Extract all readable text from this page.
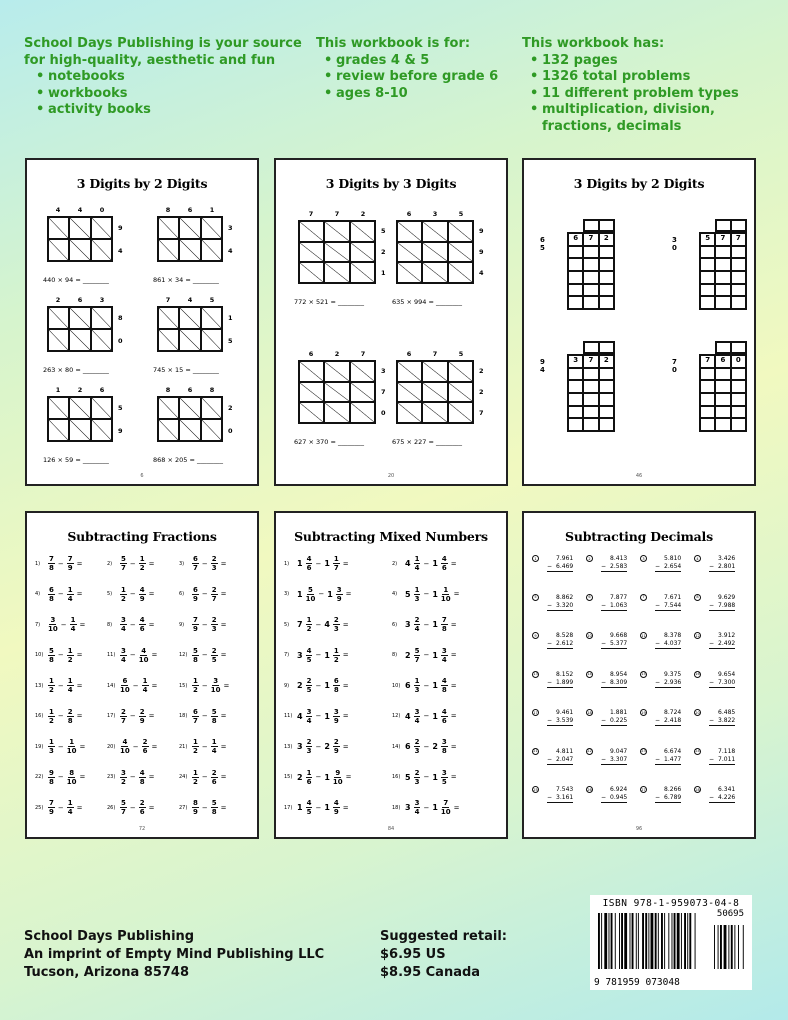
School Days Publishing is your source
for high-quality, aesthetic and fun
• notebooks
• workbooks
• activity books
This workbook is for:
• grades 4 & 5
• review before grade 6
• ages 8-10
This workbook has:
• 132 pages
• 1326 total problems
• 11 different problem types
• multiplication, division,
fractions, decimals
3 Digits by 2 Digits
4	4	0
9
4
440 × 94 = ________
8	6	1
3
4
861 × 34 = ________
2	6	3
8
0
263 × 80 = ________
7	4	5
1
5
745 × 15 = ________
1	2	6
5
9
126 × 59 = ________
8	6	8
2
0
868 × 205 = ________
6
3 Digits by 3 Digits
7	7	2
5
2
1
772 × 521 = ________
6	3	5
9
9
4
635 × 994 = ________
6	2	7
3
7
0
627 × 370 = ________
6	7	5
2
2
7
675 × 227 = ________
20
3 Digits by 2 Digits
6 5
6	7	2	3 0
5	7	7
9 4
3	7	2	7 0
7	6	0
46
Subtracting Fractions
1)	$\frac{7}{8} - \frac{7}{9}$ =	2)	$\frac{5}{7} - \frac{1}{2}$ =	3)	$\frac{6}{7} - \frac{2}{3}$ =
4)	$\frac{6}{8} - \frac{1}{4}$ =	5)	$\frac{1}{2} - \frac{4}{9}$ =	6)	$\frac{6}{9} - \frac{2}{7}$ =
7)	$\frac{3}{10} - \frac{1}{4}$ =	8)	$\frac{3}{4} - \frac{4}{6}$ =	9)	$\frac{7}{9} - \frac{2}{3}$ =
$10) \frac{5}{8} - \frac{1}{2}$ =	$11) \frac{3}{4} - \frac{4}{10}$ =	$12) \frac{5}{8} - \frac{2}{5}$ =
$13) \frac{1}{2} - \frac{1}{4}$ =	$14) \frac{6}{10} - \frac{1}{4}$ =	$15) \frac{1}{2} - \frac{3}{10}$ =
$16) \frac{1}{2} - \frac{2}{8}$ =	$17) \frac{2}{7} - \frac{2}{9}$ =	$18) \frac{6}{7} - \frac{5}{8}$ =
$19) \frac{1}{3} - \frac{1}{10}$ =	$20) \frac{4}{10} - \frac{2}{6}$ =	$21) \frac{1}{2} - \frac{1}{4}$ =
$22) \frac{9}{8} - \frac{8}{10}$ =	$23) \frac{3}{2} - \frac{4}{8}$ =	$24) \frac{1}{2} - \frac{2}{6}$ =
$25) \frac{7}{9} - \frac{1}{4}$ =	$26) \frac{5}{7} - \frac{2}{6}$ =	$27) \frac{8}{9} - \frac{5}{8}$ =
72
Subtracting Mixed Numbers
1) $1 \frac{4}{6} - 1 \frac{1}{7}$ =	2) $4 \frac{1}{4} - 1 \frac{4}{6}$ =
3) $1 \frac{5}{10} - 1 \frac{3}{9}$ =	4) $5 \frac{1}{3} - 1 \frac{1}{10}$ =
5) $7 \frac{1}{2} - 4 \frac{2}{3}$ =	6) $3 \frac{2}{4} - 1 \frac{7}{8}$ =
7) $3 \frac{4}{5} - 1 \frac{1}{2}$ =	8) $2 \frac{5}{7} - 1 \frac{3}{4}$ =
9) $2 \frac{2}{5} - 1 \frac{6}{8}$ =	10) $6 \frac{1}{3} - 1 \frac{4}{8}$ =
11) $4 \frac{3}{4} - 1 \frac{3}{9}$ =	12) $4 \frac{3}{4} - 1 \frac{4}{6}$ =
13) $3 \frac{2}{3} - 2 \frac{2}{9}$ =	14) $6 \frac{2}{3} - 2 \frac{3}{8}$ =
15) $2 \frac{1}{6} - 1 \frac{9}{10}$ =	16) $5 \frac{2}{3} - 1 \frac{3}{5}$ =
17) $1 \frac{4}{5} - 1 \frac{4}{9}$ =	18) $3 \frac{3}{4} - 1 \frac{7}{10}$ =
84
Subtracting Decimals
1	7.961
− 6.469
2	8.413
− 2.583
3	5.810
− 2.654
4	3.426
− 2.801
5	8.862
− 3.320
6	7.877
− 1.063
7	7.671
− 7.544
8	9.629
− 7.988
9	8.528
− 2.612
10	9.668
− 5.377
11	8.378
− 4.037
12	3.912
− 2.492
13	8.152
− 1.899
14	8.954
− 8.309
15	9.375
− 2.936
16	9.654
− 7.300
17	9.461
− 3.539
18	1.881
− 0.225
19	8.724
− 2.418
20	6.485
− 3.822
21	4.811
− 2.047
22	9.047
− 3.307
23	6.674
− 1.477
24	7.118
− 7.011
25	7.543
− 3.161
26	6.924
− 0.945
27	8.266
− 6.789
28	6.341
− 4.226
96
School Days Publishing
An imprint of Empty Mind Publishing LLC
Tucson, Arizona 85748
Suggested retail:
$6.95 US
$8.95 Canada
ISBN 978-1-959073-04-8
50695
9 781959 073048
